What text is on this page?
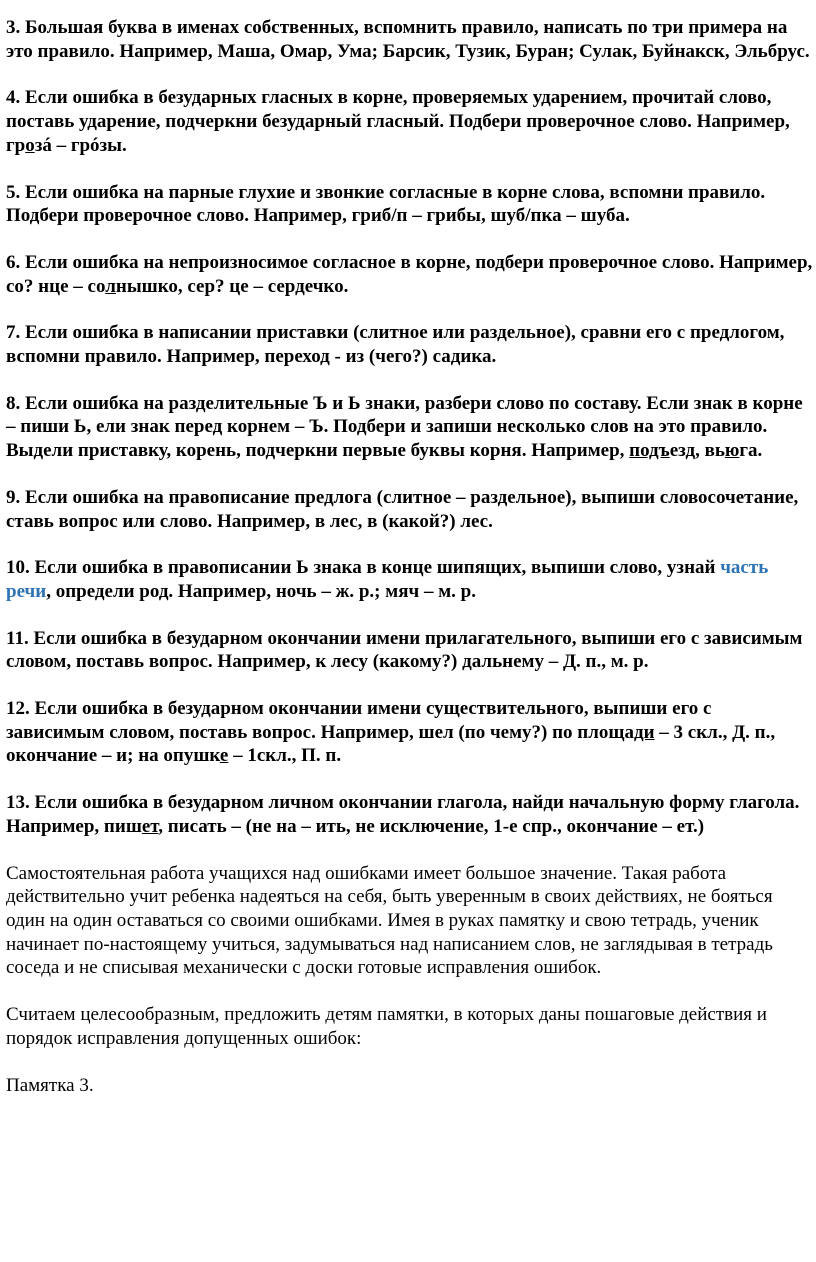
3. Большая буква в именах собственных, вспомнить правило, написать по три примера на это правило. Например, Маша, Омар, Ума; Барсик, Тузик, Буран; Сулак, Буйнакск, Эльбрус.

4. Если ошибка в безударных гласных в корне, проверяемых ударением, прочитай слово, поставь ударение, подчеркни безударный гласный. Подбери проверочное слово. Например, грозá – грóзы.

5. Если ошибка на парные глухие и звонкие согласные в корне слова, вспомни правило. Подбери проверочное слово. Например, гриб/п – грибы, шуб/пка – шуба.

6. Если ошибка на непроизносимое согласное в корне, подбери проверочное слово. Например, со? нце – солнышко, сер? це – сердечко.

7. Если ошибка в написании приставки (слитное или раздельное), сравни его с предлогом, вспомни правило. Например, переход - из (чего?) садика.

8. Если ошибка на разделительные Ъ и Ь знаки, разбери слово по составу. Если знак в корне – пиши Ь, ели знак перед корнем – Ъ. Подбери и запиши несколько слов на это правило. Выдели приставку, корень, подчеркни первые буквы корня. Например, подъезд, вьюга.

9. Если ошибка на правописание предлога (слитное – раздельное), выпиши словосочетание, ставь вопрос или слово. Например, в лес, в (какой?) лес.

10. Если ошибка в правописании Ь знака в конце шипящих, выпиши слово, узнай часть речи, определи род. Например, ночь – ж. р.; мяч – м. р.

11. Если ошибка в безударном окончании имени прилагательного, выпиши его с зависимым словом, поставь вопрос. Например, к лесу (какому?) дальнему – Д. п., м. р.

12. Если ошибка в безударном окончании имени существительного, выпиши его с зависимым словом, поставь вопрос. Например, шел (по чему?) по площади – 3 скл., Д. п., окончание – и; на опушке – 1скл., П. п.

13. Если ошибка в безударном личном окончании глагола, найди начальную форму глагола. Например, пишет, писать – (не на – ить, не исключение, 1-е спр., окончание – ет.)

Самостоятельная работа учащихся над ошибками имеет большое значение. Такая работа действительно учит ребенка надеяться на себя, быть уверенным в своих действиях, не бояться один на один оставаться со своими ошибками. Имея в руках памятку и свою тетрадь, ученик начинает по-настоящему учиться, задумываться над написанием слов, не заглядывая в тетрадь соседа и не списывая механически с доски готовые исправления ошибок.

Считаем целесообразным, предложить детям памятки, в которых даны пошаговые действия и порядок исправления допущенных ошибок:

Памятка 3.
